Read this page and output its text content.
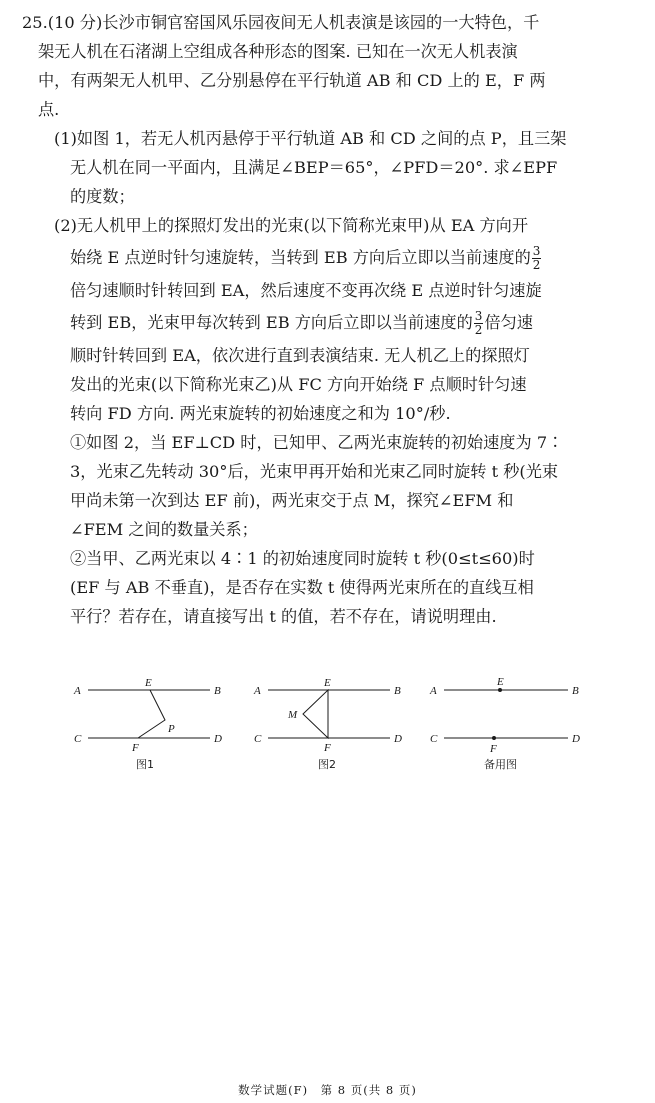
25.(10 分)长沙市铜官窑国风乐园夜间无人机表演是该园的一大特色，千
架无人机在石渚湖上空组成各种形态的图案. 已知在一次无人机表演
中，有两架无人机甲、乙分别悬停在平行轨道 AB 和 CD 上的 E，F 两
点.

(1)如图 1，若无人机丙悬停于平行轨道 AB 和 CD 之间的点 P，且三架
无人机在同一平面内，且满足∠BEP＝65°，∠PFD＝20°. 求∠EPF
的度数；

(2)无人机甲上的探照灯发出的光束(以下简称光束甲)从 EA 方向开
始绕 E 点逆时针匀速旋转，当转到 EB 方向后立即以当前速度的 $\frac{3}{2}$

倍匀速顺时针转回到 EA，然后速度不变再次绕 E 点逆时针匀速旋
转到 EB，光束甲每次转到 EB 方向后立即以当前速度的 $\frac{3}{2}$ 倍匀速
顺时针转回到 EA，依次进行直到表演结束. 无人机乙上的探照灯
发出的光束(以下简称光束乙)从 FC 方向开始绕 F 点顺时针匀速
转向 FD 方向. 两光束旋转的初始速度之和为 10°/秒.
①如图 2，当 EF⊥CD 时，已知甲、乙两光束旋转的初始速度为 7∶
3，光束乙先转动 30°后，光束甲再开始和光束乙同时旋转 t 秒(光束
甲尚未第一次到达 EF 前)，两光束交于点 M，探究∠EFM 和
∠FEM 之间的数量关系；
②当甲、乙两光束以 4∶1 的初始速度同时旋转 t 秒(0≤t≤60)时
(EF 与 AB 不垂直)，是否存在实数 t 使得两光束所在的直线互相
平行？若存在，请直接写出 t 的值，若不存在，请说明理由.

A	B
C	D
E
P
F
图1
A	B
C	D
E
M
F
图2
A	B
C	D
E
F
备用图
数学试题(F)　第 8 页(共 8 页)
